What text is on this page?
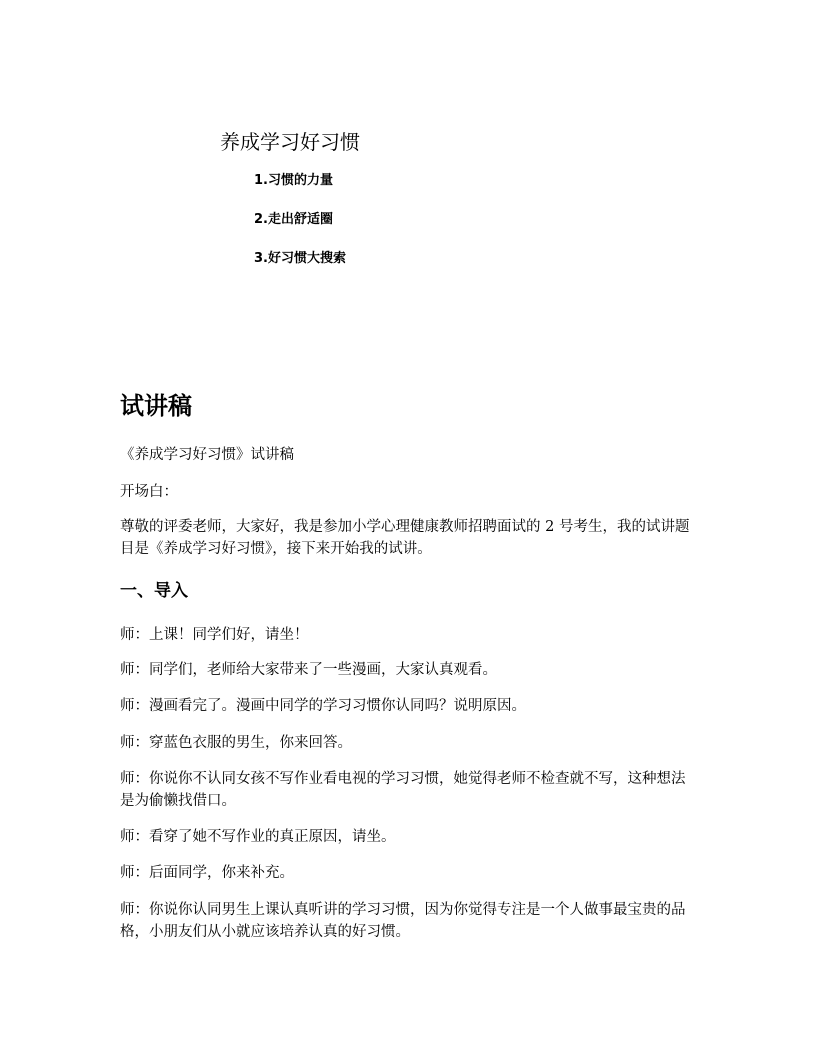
养成学习好习惯
1.习惯的力量
2.走出舒适圈
3.好习惯大搜索
试讲稿
《养成学习好习惯》试讲稿
开场白：
尊敬的评委老师，大家好，我是参加小学心理健康教师招聘面试的 2 号考生，我的试讲题目是《养成学习好习惯》，接下来开始我的试讲。
一、导入
师：上课！同学们好，请坐！
师：同学们，老师给大家带来了一些漫画，大家认真观看。
师：漫画看完了。漫画中同学的学习习惯你认同吗？说明原因。
师：穿蓝色衣服的男生，你来回答。
师：你说你不认同女孩不写作业看电视的学习习惯，她觉得老师不检查就不写，这种想法是为偷懒找借口。
师：看穿了她不写作业的真正原因，请坐。
师：后面同学，你来补充。
师：你说你认同男生上课认真听讲的学习习惯，因为你觉得专注是一个人做事最宝贵的品格，小朋友们从小就应该培养认真的好习惯。
